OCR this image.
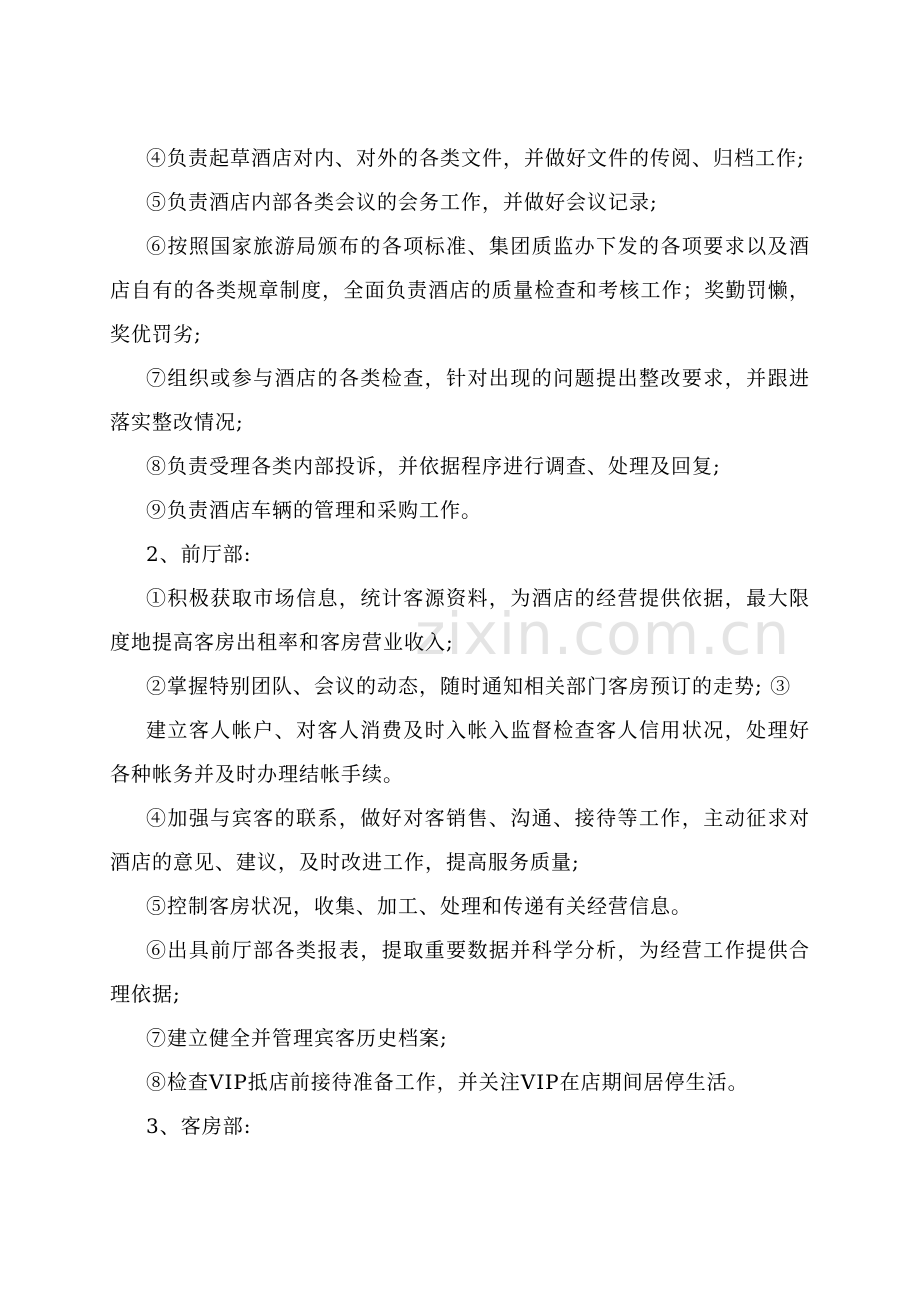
zixin.com.cn

④负责起草酒店对内、对外的各类文件，并做好文件的传阅、归档工作;

⑤负责酒店内部各类会议的会务工作，并做好会议记录;

⑥按照国家旅游局颁布的各项标准、集团质监办下发的各项要求以及酒店自有的各类规章制度，全面负责酒店的质量检查和考核工作；奖勤罚懒，奖优罚劣;

⑦组织或参与酒店的各类检查，针对出现的问题提出整改要求，并跟进落实整改情况;

⑧负责受理各类内部投诉，并依据程序进行调查、处理及回复;

⑨负责酒店车辆的管理和采购工作。

2、前厅部:

①积极获取市场信息，统计客源资料，为酒店的经营提供依据，最大限度地提高客房出租率和客房营业收入;

②掌握特别团队、会议的动态，随时通知相关部门客房预订的走势; ③

建立客人帐户、对客人消费及时入帐入监督检查客人信用状况，处理好各种帐务并及时办理结帐手续。

④加强与宾客的联系，做好对客销售、沟通、接待等工作，主动征求对酒店的意见、建议，及时改进工作，提高服务质量;

⑤控制客房状况，收集、加工、处理和传递有关经营信息。

⑥出具前厅部各类报表，提取重要数据并科学分析，为经营工作提供合理依据;

⑦建立健全并管理宾客历史档案;

⑧检查VIP抵店前接待准备工作，并关注VIP在店期间居停生活。

3、客房部:
